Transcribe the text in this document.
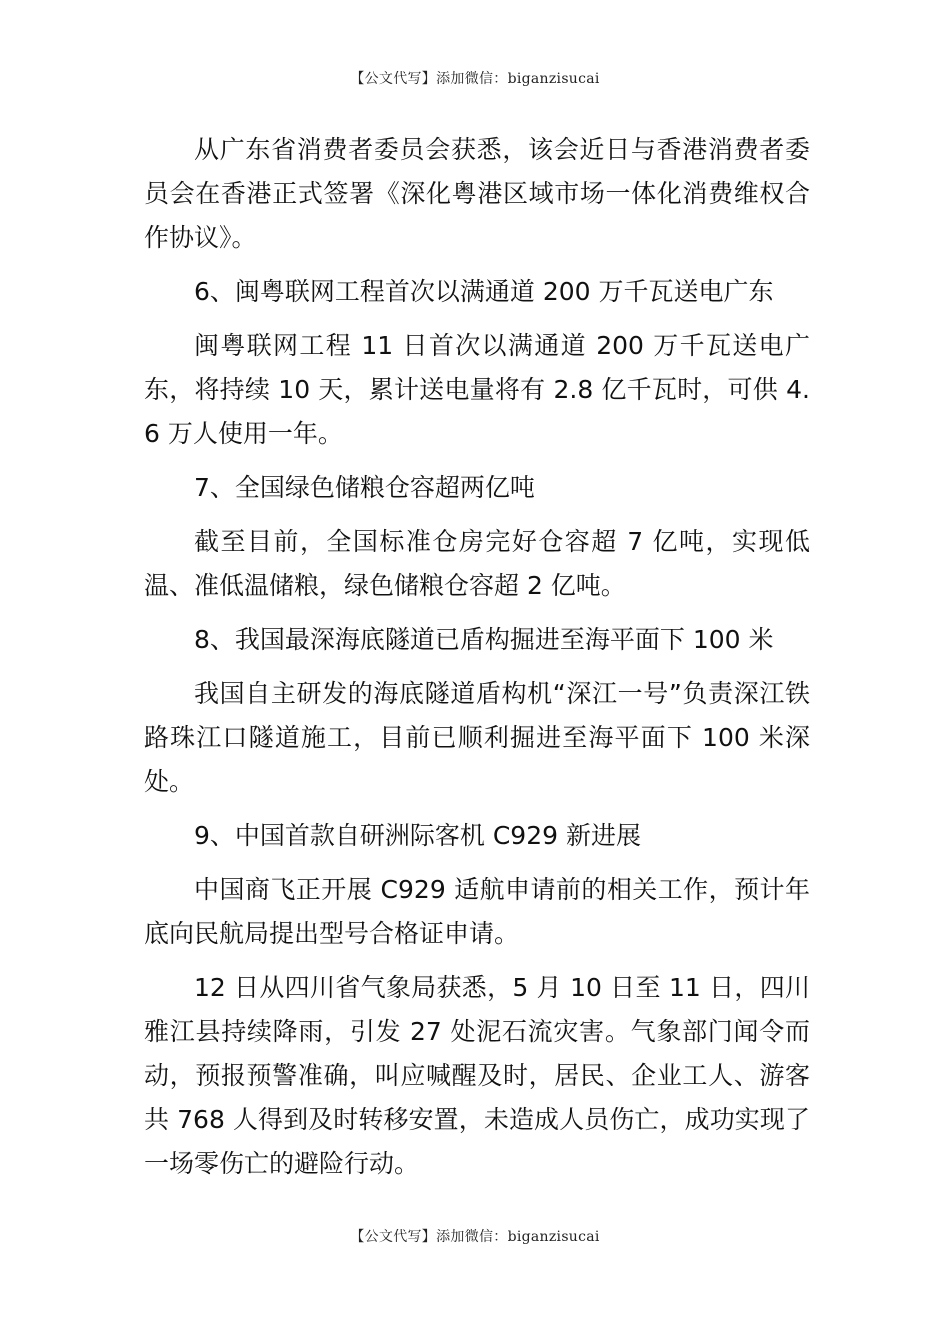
【公文代写】添加微信：biganzisucai

从广东省消费者委员会获悉，该会近日与香港消费者委员会在香港正式签署《深化粤港区域市场一体化消费维权合作协议》。

6、闽粤联网工程首次以满通道 200 万千瓦送电广东

闽粤联网工程 11 日首次以满通道 200 万千瓦送电广东，将持续 10 天，累计送电量将有 2.8 亿千瓦时，可供 4.6 万人使用一年。

7、全国绿色储粮仓容超两亿吨

截至目前，全国标准仓房完好仓容超 7 亿吨，实现低温、准低温储粮，绿色储粮仓容超 2 亿吨。

8、我国最深海底隧道已盾构掘进至海平面下 100 米

我国自主研发的海底隧道盾构机“深江一号”负责深江铁路珠江口隧道施工，目前已顺利掘进至海平面下 100 米深处。

9、中国首款自研洲际客机 C929 新进展

中国商飞正开展 C929 适航申请前的相关工作，预计年底向民航局提出型号合格证申请。

12 日从四川省气象局获悉，5 月 10 日至 11 日，四川雅江县持续降雨，引发 27 处泥石流灾害。气象部门闻令而动，预报预警准确，叫应喊醒及时，居民、企业工人、游客共 768 人得到及时转移安置，未造成人员伤亡，成功实现了一场零伤亡的避险行动。

【公文代写】添加微信：biganzisucai
